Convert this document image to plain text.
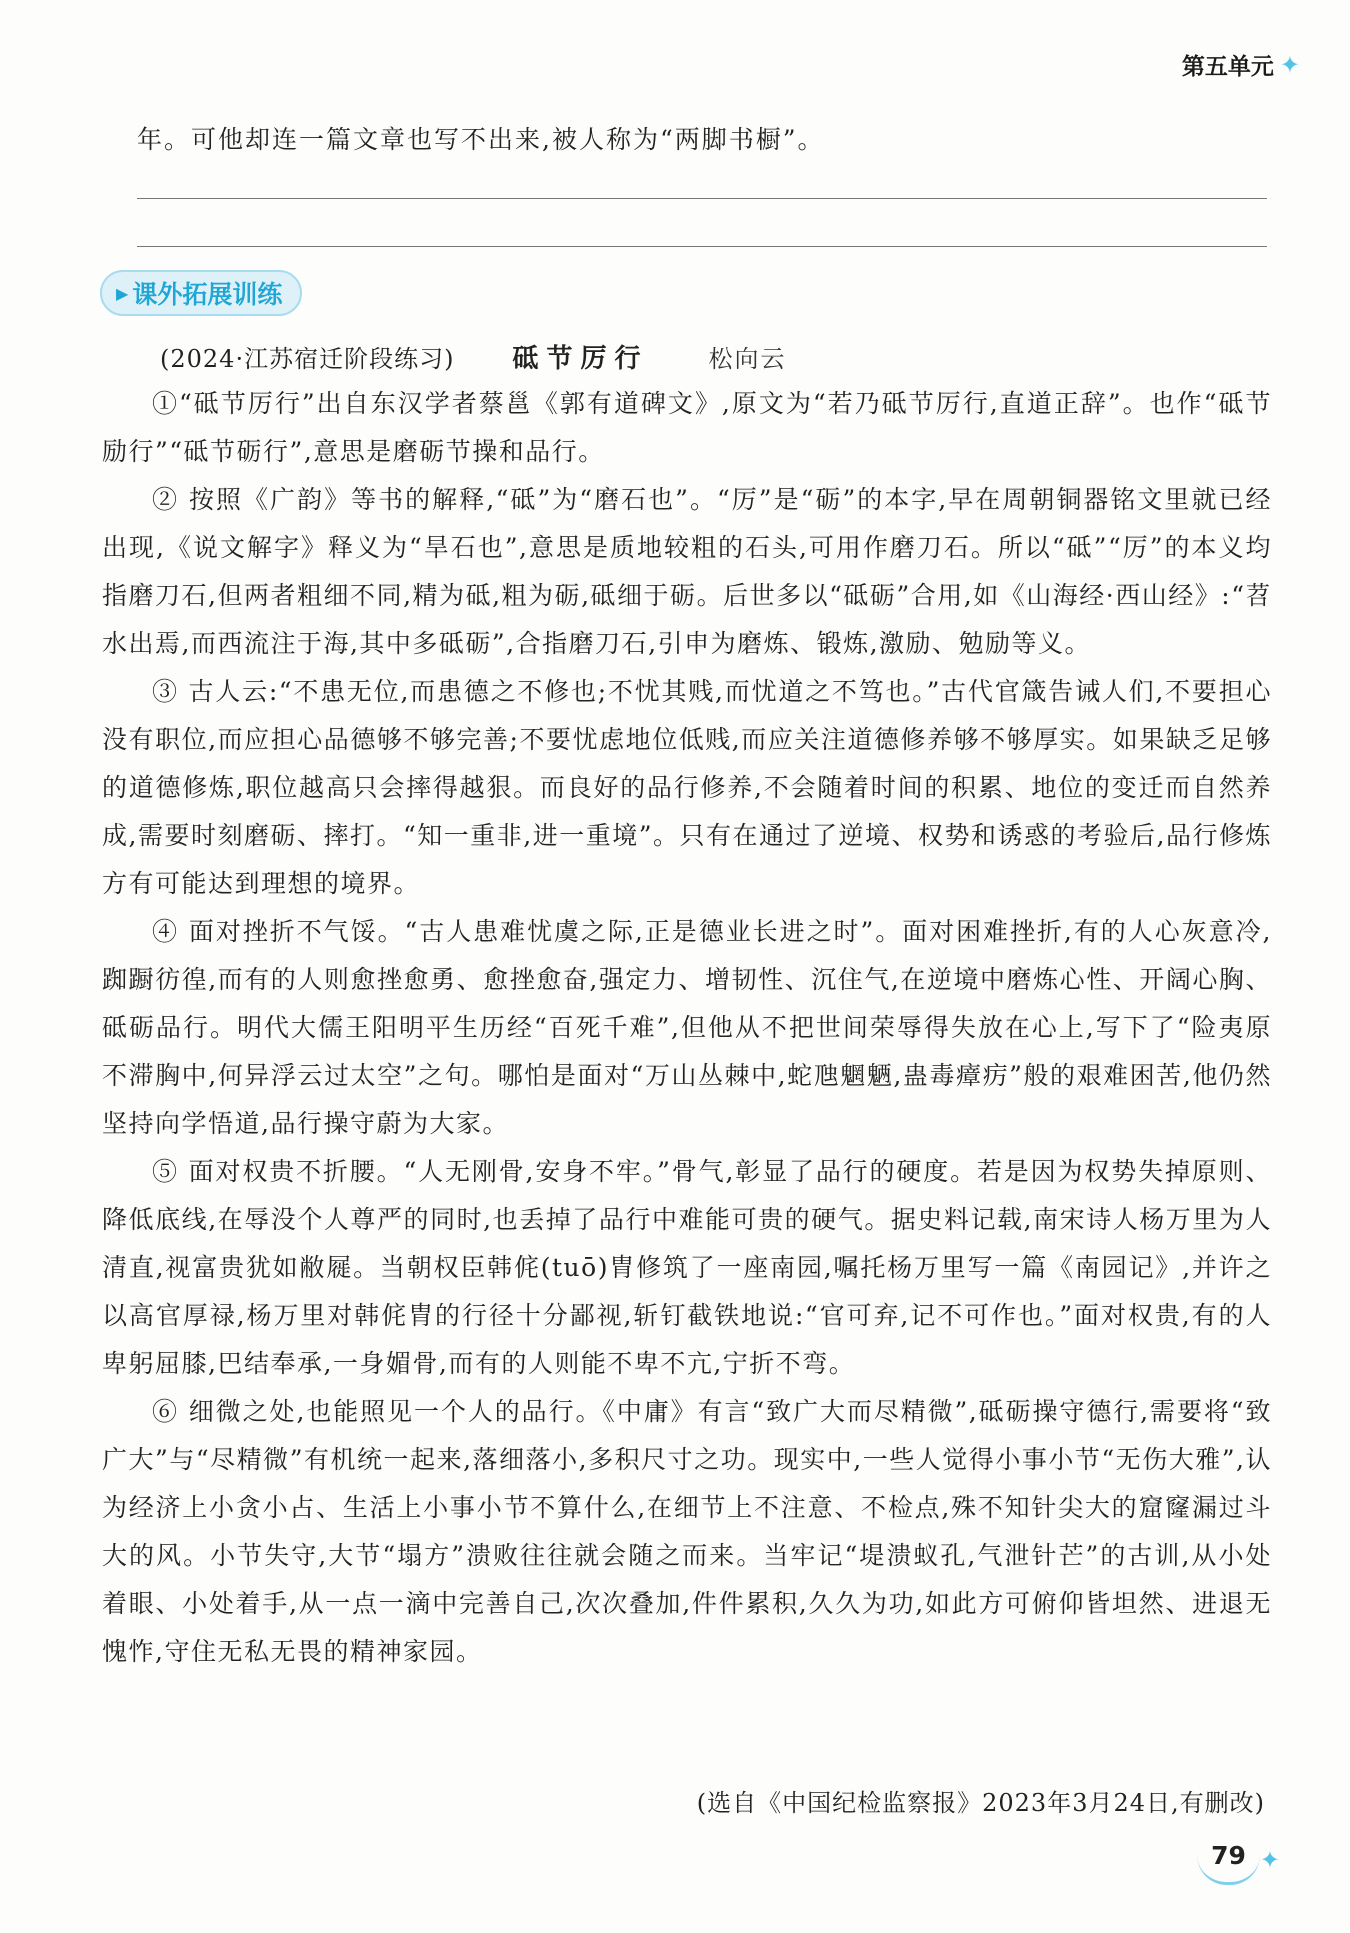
第五单元 ✦
年。可他却连一篇文章也写不出来,被人称为“两脚书橱”。
▶ 课外拓展训练
(2024·江苏宿迁阶段练习) 砥节厉行	松向云

①“砥节厉行”出自东汉学者蔡邕《郭有道碑文》,原文为“若乃砥节厉行,直道正辞”。也作“砥节励行”“砥节砺行”,意思是磨砺节操和品行。

② 按照《广韵》等书的解释,“砥”为“磨石也”。“厉”是“砺”的本字,早在周朝铜器铭文里就已经出现,《说文解字》释义为“旱石也”,意思是质地较粗的石头,可用作磨刀石。所以“砥”“厉”的本义均指磨刀石,但两者粗细不同,精为砥,粗为砺,砥细于砺。后世多以“砥砺”合用,如《山海经·西山经》:“苕水出焉,而西流注于海,其中多砥砺”,合指磨刀石,引申为磨炼、锻炼,激励、勉励等义。

③ 古人云:“不患无位,而患德之不修也;不忧其贱,而忧道之不笃也。”古代官箴告诫人们,不要担心没有职位,而应担心品德够不够完善;不要忧虑地位低贱,而应关注道德修养够不够厚实。如果缺乏足够的道德修炼,职位越高只会摔得越狠。而良好的品行修养,不会随着时间的积累、地位的变迁而自然养成,需要时刻磨砺、摔打。“知一重非,进一重境”。只有在通过了逆境、权势和诱惑的考验后,品行修炼方有可能达到理想的境界。

④ 面对挫折不气馁。“古人患难忧虞之际,正是德业长进之时”。面对困难挫折,有的人心灰意冷,踟蹰彷徨,而有的人则愈挫愈勇、愈挫愈奋,强定力、增韧性、沉住气,在逆境中磨炼心性、开阔心胸、砥砺品行。明代大儒王阳明平生历经“百死千难”,但他从不把世间荣辱得失放在心上,写下了“险夷原不滞胸中,何异浮云过太空”之句。哪怕是面对“万山丛棘中,蛇虺魍魉,蛊毒瘴疠”般的艰难困苦,他仍然坚持向学悟道,品行操守蔚为大家。

⑤ 面对权贵不折腰。“人无刚骨,安身不牢。”骨气,彰显了品行的硬度。若是因为权势失掉原则、降低底线,在辱没个人尊严的同时,也丢掉了品行中难能可贵的硬气。据史料记载,南宋诗人杨万里为人清直,视富贵犹如敝屣。当朝权臣韩侂(tuō)胄修筑了一座南园,嘱托杨万里写一篇《南园记》,并许之以高官厚禄,杨万里对韩侂胄的行径十分鄙视,斩钉截铁地说:“官可弃,记不可作也。”面对权贵,有的人卑躬屈膝,巴结奉承,一身媚骨,而有的人则能不卑不亢,宁折不弯。

⑥ 细微之处,也能照见一个人的品行。《中庸》有言“致广大而尽精微”,砥砺操守德行,需要将“致广大”与“尽精微”有机统一起来,落细落小,多积尺寸之功。现实中,一些人觉得小事小节“无伤大雅”,认为经济上小贪小占、生活上小事小节不算什么,在细节上不注意、不检点,殊不知针尖大的窟窿漏过斗大的风。小节失守,大节“塌方”溃败往往就会随之而来。当牢记“堤溃蚁孔,气泄针芒”的古训,从小处着眼、小处着手,从一点一滴中完善自己,次次叠加,件件累积,久久为功,如此方可俯仰皆坦然、进退无愧怍,守住无私无畏的精神家园。

(选自《中国纪检监察报》2023年3月24日,有删改)
79 ✦
